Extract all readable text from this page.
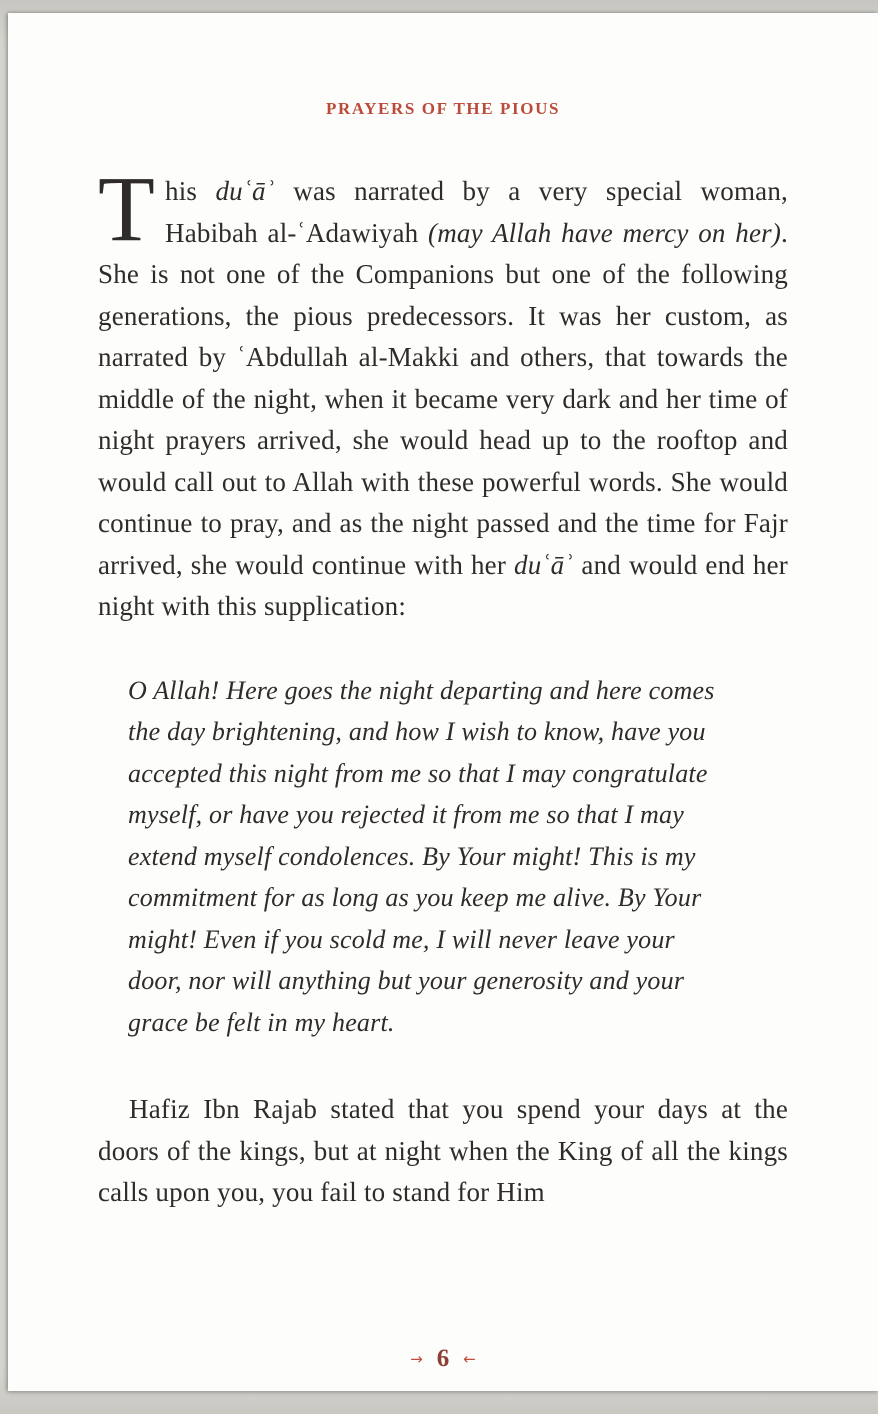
PRAYERS OF THE PIOUS

This duʿāʾ was narrated by a very special woman, Habibah al-ʿAdawiyah (may Allah have mercy on her). She is not one of the Companions but one of the following generations, the pious predecessors. It was her custom, as narrated by ʿAbdullah al-Makki and others, that towards the middle of the night, when it became very dark and her time of night prayers arrived, she would head up to the rooftop and would call out to Allah with these powerful words. She would continue to pray, and as the night passed and the time for Fajr arrived, she would continue with her duʿāʾ and would end her night with this supplication:

O Allah! Here goes the night departing and here comes the day brightening, and how I wish to know, have you accepted this night from me so that I may congratulate myself, or have you rejected it from me so that I may extend myself condolences. By Your might! This is my commitment for as long as you keep me alive. By Your might! Even if you scold me, I will never leave your door, nor will anything but your generosity and your grace be felt in my heart.

Hafiz Ibn Rajab stated that you spend your days at the doors of the kings, but at night when the King of all the kings calls upon you, you fail to stand for Him

→ 6 ←
